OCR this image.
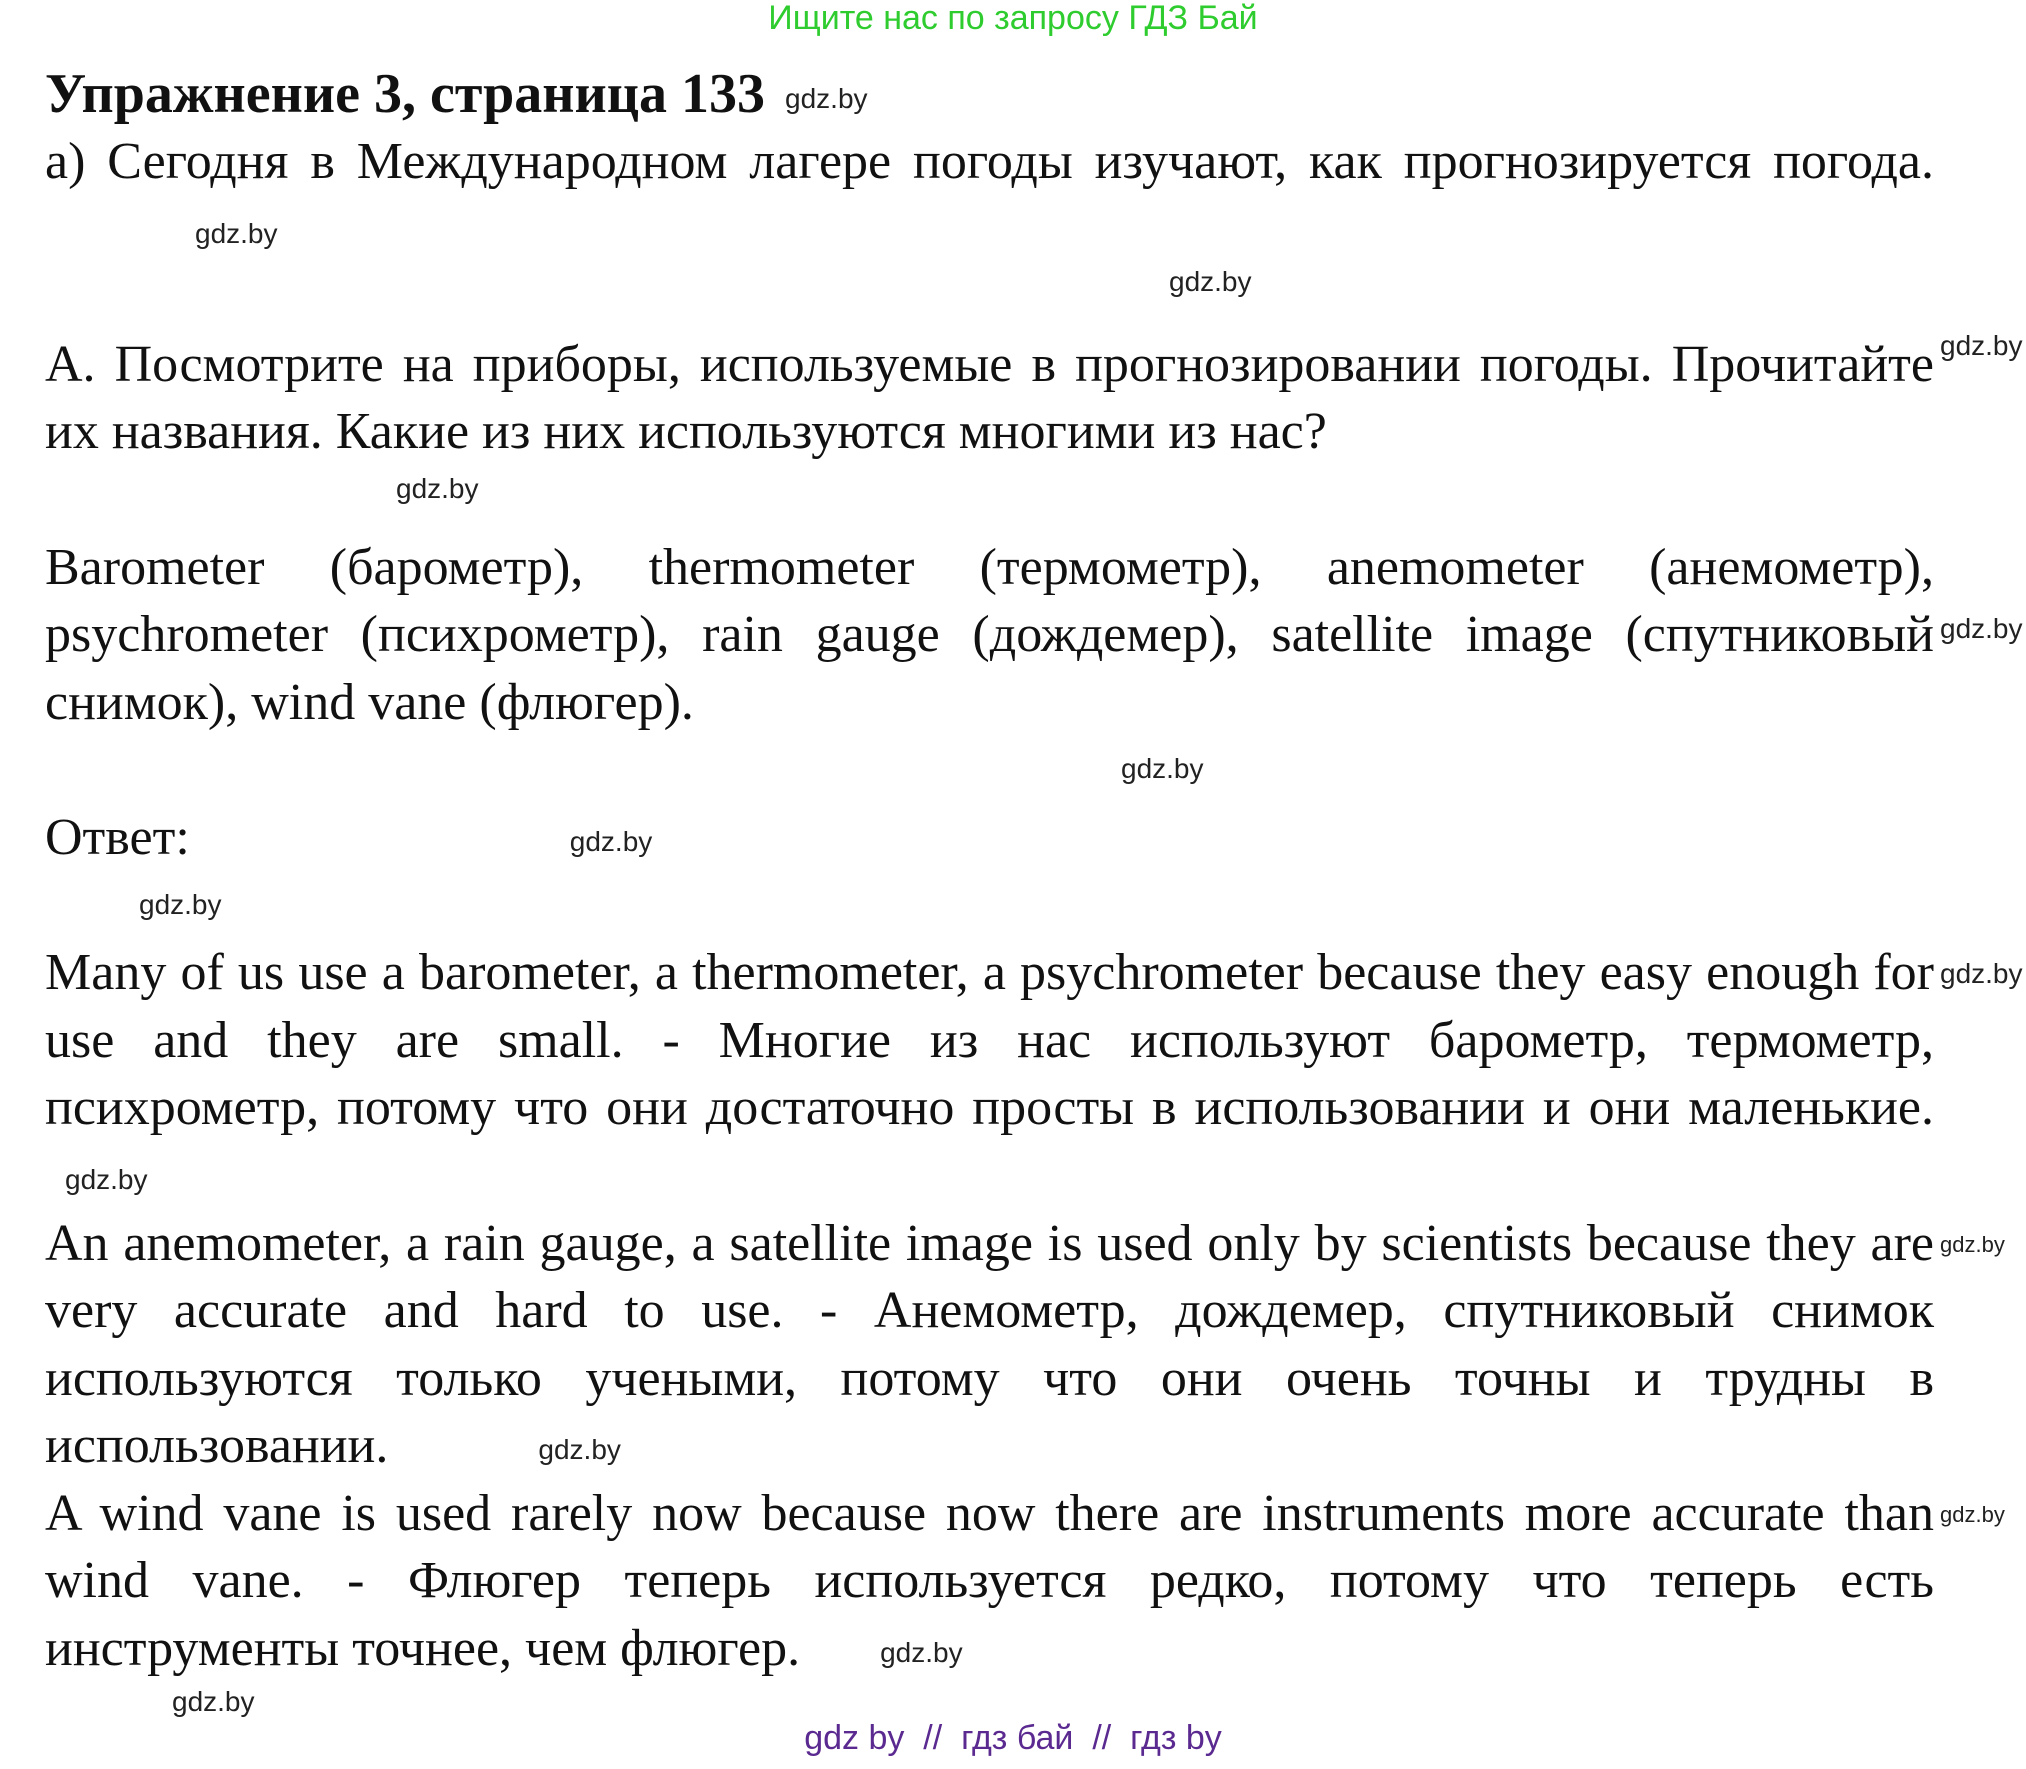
Ищите нас по запросу ГДЗ Бай
Упражнение 3, страница 133 gdz.by
а) Сегодня в Международном лагере погоды изучают, как прогнозируется погода.gdz.by
gdz.by
А. Посмотрите на приборы, используемые в прогнозировании погоды. Прочитайте их названия. Какие из них используются многими из нас?
gdz.by
gdz.by
Barometer (барометр), thermometer (термометр), anemometer (анемометр), psychrometer (психрометр), rain gauge (дождемер), satellite image (спутниковый снимок), wind vane (флюгер).
gdz.by
gdz.by
Ответ:	gdz.by
gdz.by
Many of us use a barometer, a thermometer, a psychrometer because they easy enough for use and they are small. - Многие из нас используют барометр, термометр, психрометр, потому что они достаточно просты в использовании и они маленькие.gdz.by
gdz.by
An anemometer, a rain gauge, a satellite image is used only by scientists because they are very accurate and hard to use. - Анемометр, дождемер, спутниковый снимок используются только учеными, потому что они очень точны и трудны в использовании.	gdz.by
gdz.by
A wind vane is used rarely now because now there are instruments more accurate than wind vane. - Флюгер теперь используется редко, потому что теперь есть инструменты точнее, чем флюгер.	gdz.by
gdz.by
gdz.by
gdz by  //  гдз бай  //  гдз by
